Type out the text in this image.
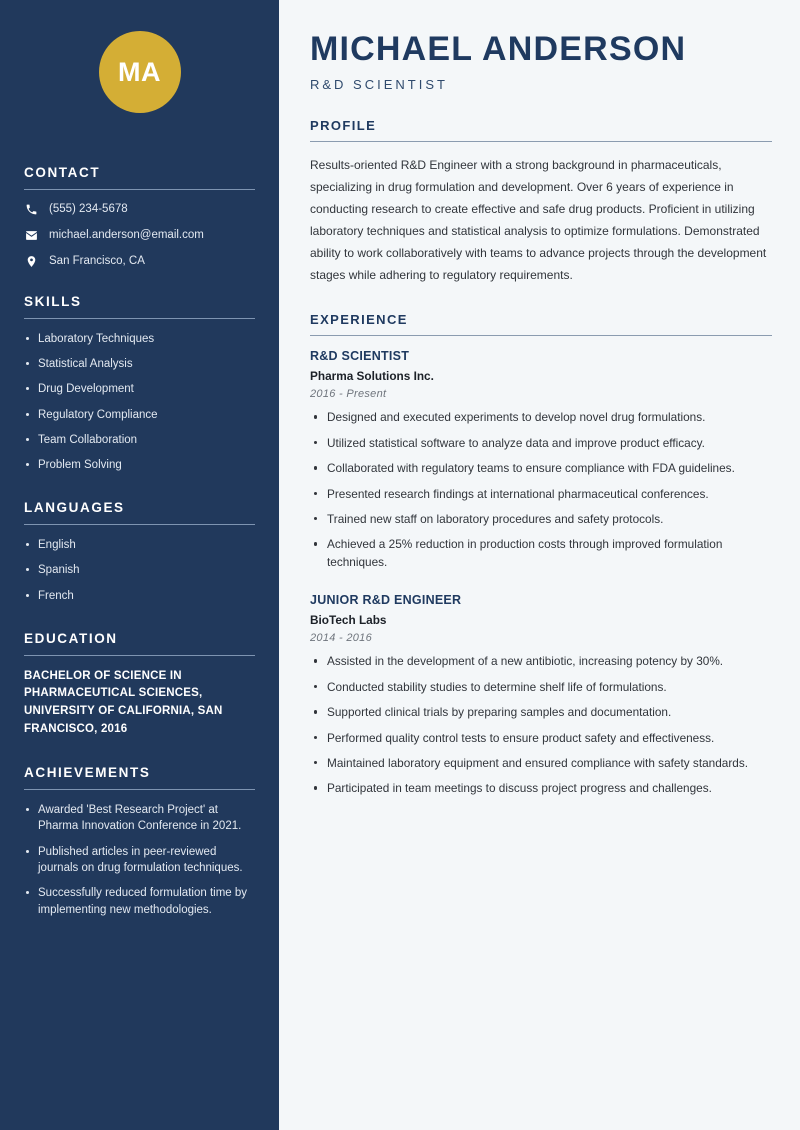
MA
CONTACT
(555) 234-5678
michael.anderson@email.com
San Francisco, CA
SKILLS
Laboratory Techniques
Statistical Analysis
Drug Development
Regulatory Compliance
Team Collaboration
Problem Solving
LANGUAGES
English
Spanish
French
EDUCATION
BACHELOR OF SCIENCE IN PHARMACEUTICAL SCIENCES, UNIVERSITY OF CALIFORNIA, SAN FRANCISCO, 2016
ACHIEVEMENTS
Awarded 'Best Research Project' at Pharma Innovation Conference in 2021.
Published articles in peer-reviewed journals on drug formulation techniques.
Successfully reduced formulation time by implementing new methodologies.
MICHAEL ANDERSON
R&D SCIENTIST
PROFILE

Results-oriented R&D Engineer with a strong background in pharmaceuticals, specializing in drug formulation and development. Over 6 years of experience in conducting research to create effective and safe drug products. Proficient in utilizing laboratory techniques and statistical analysis to optimize formulations. Demonstrated ability to work collaboratively with teams to advance projects through the development stages while adhering to regulatory requirements.

EXPERIENCE
R&D SCIENTIST
Pharma Solutions Inc.
2016 - Present
Designed and executed experiments to develop novel drug formulations.
Utilized statistical software to analyze data and improve product efficacy.
Collaborated with regulatory teams to ensure compliance with FDA guidelines.
Presented research findings at international pharmaceutical conferences.
Trained new staff on laboratory procedures and safety protocols.
Achieved a 25% reduction in production costs through improved formulation techniques.
JUNIOR R&D ENGINEER
BioTech Labs
2014 - 2016
Assisted in the development of a new antibiotic, increasing potency by 30%.
Conducted stability studies to determine shelf life of formulations.
Supported clinical trials by preparing samples and documentation.
Performed quality control tests to ensure product safety and effectiveness.
Maintained laboratory equipment and ensured compliance with safety standards.
Participated in team meetings to discuss project progress and challenges.
